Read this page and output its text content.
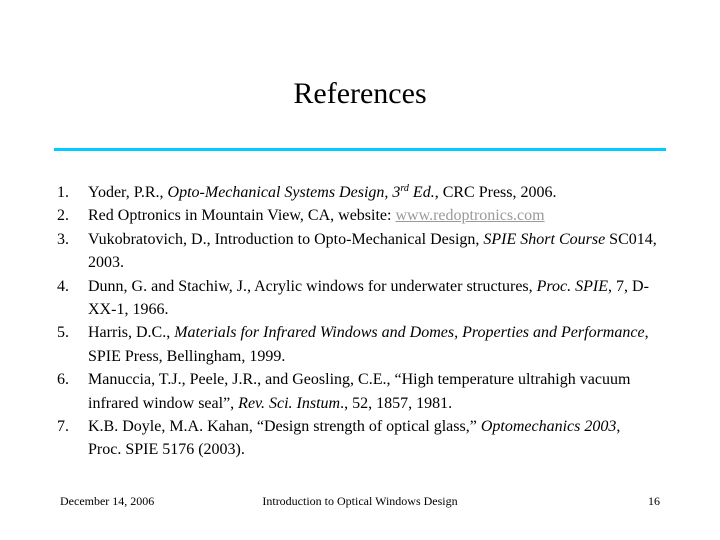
References
1. Yoder, P.R., Opto-Mechanical Systems Design, 3rd Ed., CRC Press, 2006.
2. Red Optronics in Mountain View, CA, website: www.redoptronics.com
3. Vukobratovich, D., Introduction to Opto-Mechanical Design, SPIE Short Course SC014, 2003.
4. Dunn, G. and Stachiw, J., Acrylic windows for underwater structures, Proc. SPIE, 7, D-XX-1, 1966.
5. Harris, D.C., Materials for Infrared Windows and Domes, Properties and Performance, SPIE Press, Bellingham, 1999.
6. Manuccia, T.J., Peele, J.R., and Geosling, C.E., “High temperature ultrahigh vacuum infrared window seal”, Rev. Sci. Instum., 52, 1857, 1981.
7. K.B. Doyle, M.A. Kahan, “Design strength of optical glass,” Optomechanics 2003, Proc. SPIE 5176 (2003).
December 14, 2006	Introduction to Optical Windows Design	16
